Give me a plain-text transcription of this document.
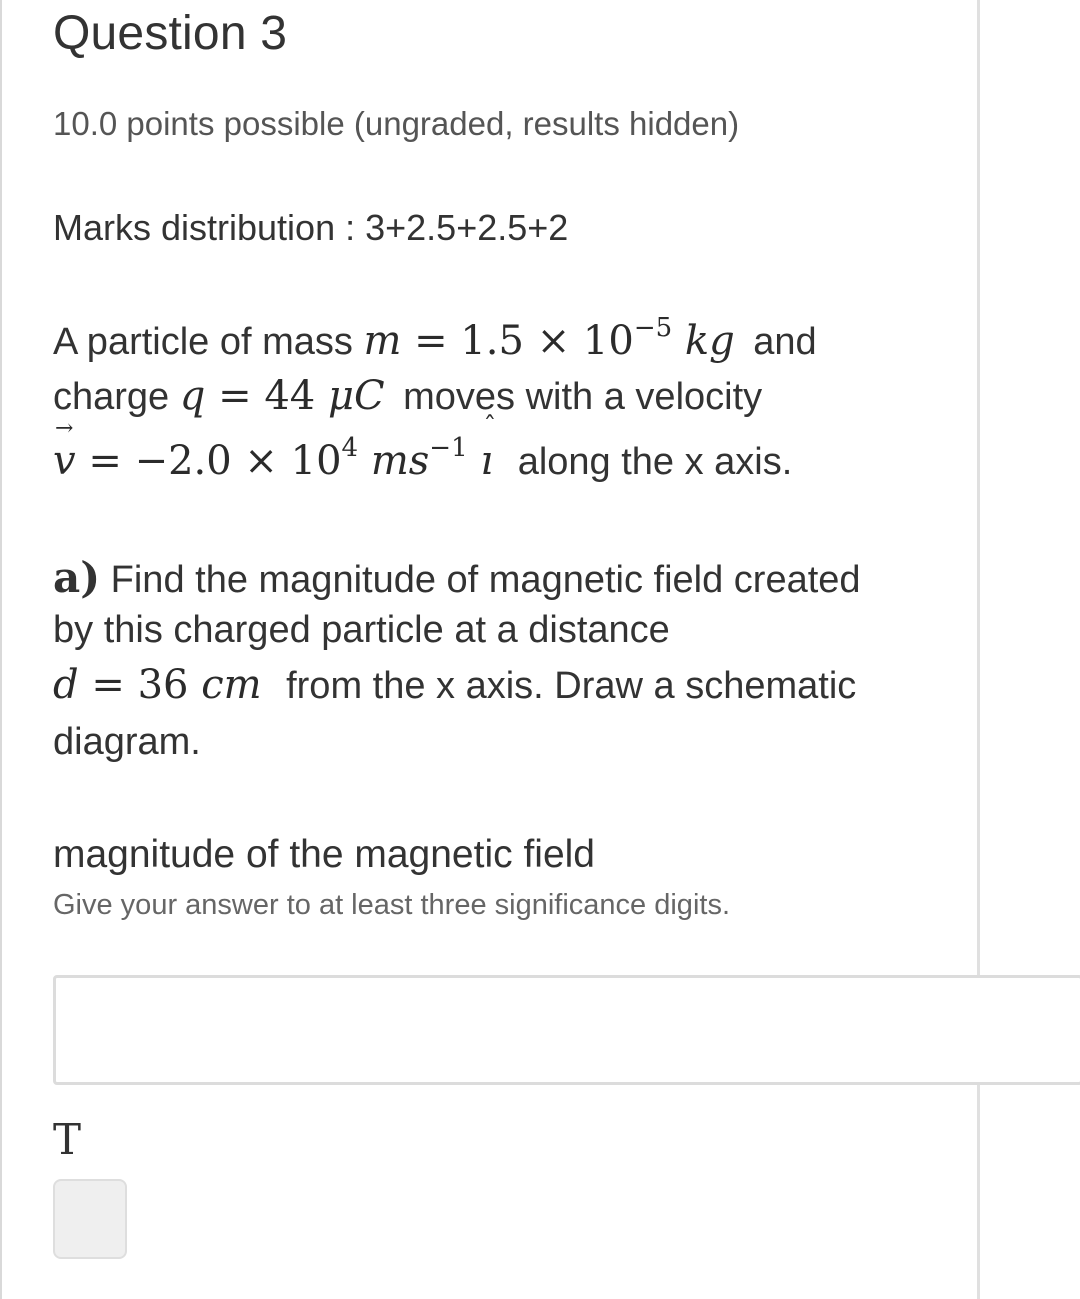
Question 3
10.0 points possible (ungraded, results hidden)
Marks distribution : 3+2.5+2.5+2
A particle of mass $m = 1.5 \times 10^{-5}$ kg and
charge q = 44 μC moves with a velocity
v
→
= $-2.0 \times 10^4$ $ms^{-1}$ ı
ˆ
along the x axis.
a) Find the magnitude of magnetic field created
by this charged particle at a distance
d = 36 cm from the x axis. Draw a schematic
diagram.
magnitude of the magnetic field
Give your answer to at least three significance digits.
T
